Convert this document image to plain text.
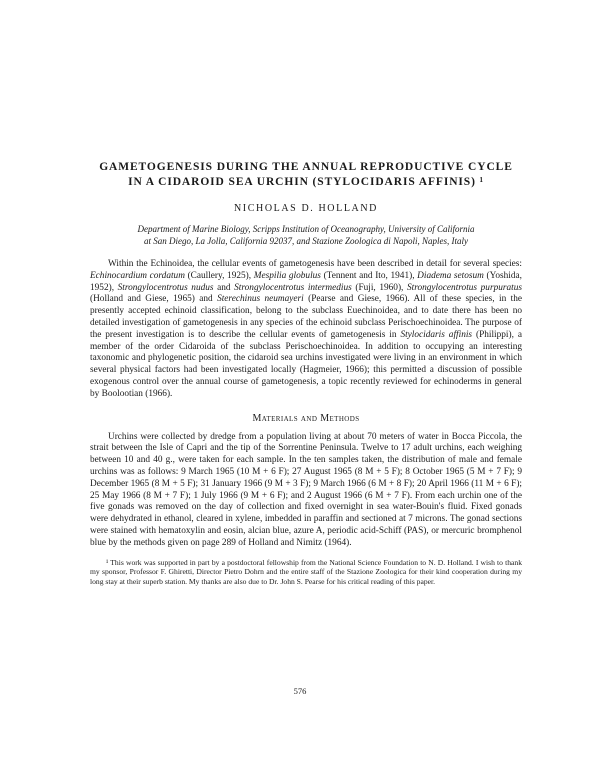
GAMETOGENESIS DURING THE ANNUAL REPRODUCTIVE CYCLE
IN A CIDAROID SEA URCHIN (STYLOCIDARIS AFFINIS) ¹
NICHOLAS D. HOLLAND
Department of Marine Biology, Scripps Institution of Oceanography, University of California
at San Diego, La Jolla, California 92037, and Stazione Zoologica di Napoli, Naples, Italy

Within the Echinoidea, the cellular events of gametogenesis have been described in detail for several species: Echinocardium cordatum (Caullery, 1925), Mespilia globulus (Tennent and Ito, 1941), Diadema setosum (Yoshida, 1952), Strongylocentrotus nudus and Strongylocentrotus intermedius (Fuji, 1960), Strongylocentrotus purpuratus (Holland and Giese, 1965) and Sterechinus neumayeri (Pearse and Giese, 1966). All of these species, in the presently accepted echinoid classification, belong to the subclass Euechinoidea, and to date there has been no detailed investigation of gametogenesis in any species of the echinoid subclass Perischoechinoidea. The purpose of the present investigation is to describe the cellular events of gametogenesis in Stylocidaris affinis (Philippi), a member of the order Cidaroida of the subclass Perischoechinoidea. In addition to occupying an interesting taxonomic and phylogenetic position, the cidaroid sea urchins investigated were living in an environment in which several physical factors had been investigated locally (Hagmeier, 1966); this permitted a discussion of possible exogenous control over the annual course of gametogenesis, a topic recently reviewed for echinoderms in general by Boolootian (1966).

Materials and Methods

Urchins were collected by dredge from a population living at about 70 meters of water in Bocca Piccola, the strait between the Isle of Capri and the tip of the Sorrentine Peninsula. Twelve to 17 adult urchins, each weighing between 10 and 40 g., were taken for each sample. In the ten samples taken, the distribution of male and female urchins was as follows: 9 March 1965 (10 M + 6 F); 27 August 1965 (8 M + 5 F); 8 October 1965 (5 M + 7 F); 9 December 1965 (8 M + 5 F); 31 January 1966 (9 M + 3 F); 9 March 1966 (6 M + 8 F); 20 April 1966 (11 M + 6 F); 25 May 1966 (8 M + 7 F); 1 July 1966 (9 M + 6 F); and 2 August 1966 (6 M + 7 F). From each urchin one of the five gonads was removed on the day of collection and fixed overnight in sea water-Bouin's fluid. Fixed gonads were dehydrated in ethanol, cleared in xylene, imbedded in paraffin and sectioned at 7 microns. The gonad sections were stained with hematoxylin and eosin, alcian blue, azure A, periodic acid-Schiff (PAS), or mercuric bromphenol blue by the methods given on page 289 of Holland and Nimitz (1964).

¹ This work was supported in part by a postdoctoral fellowship from the National Science Foundation to N. D. Holland. I wish to thank my sponsor, Professor F. Ghiretti, Director Pietro Dohrn and the entire staff of the Stazione Zoologica for their kind cooperation during my long stay at their superb station. My thanks are also due to Dr. John S. Pearse for his critical reading of this paper.

576
